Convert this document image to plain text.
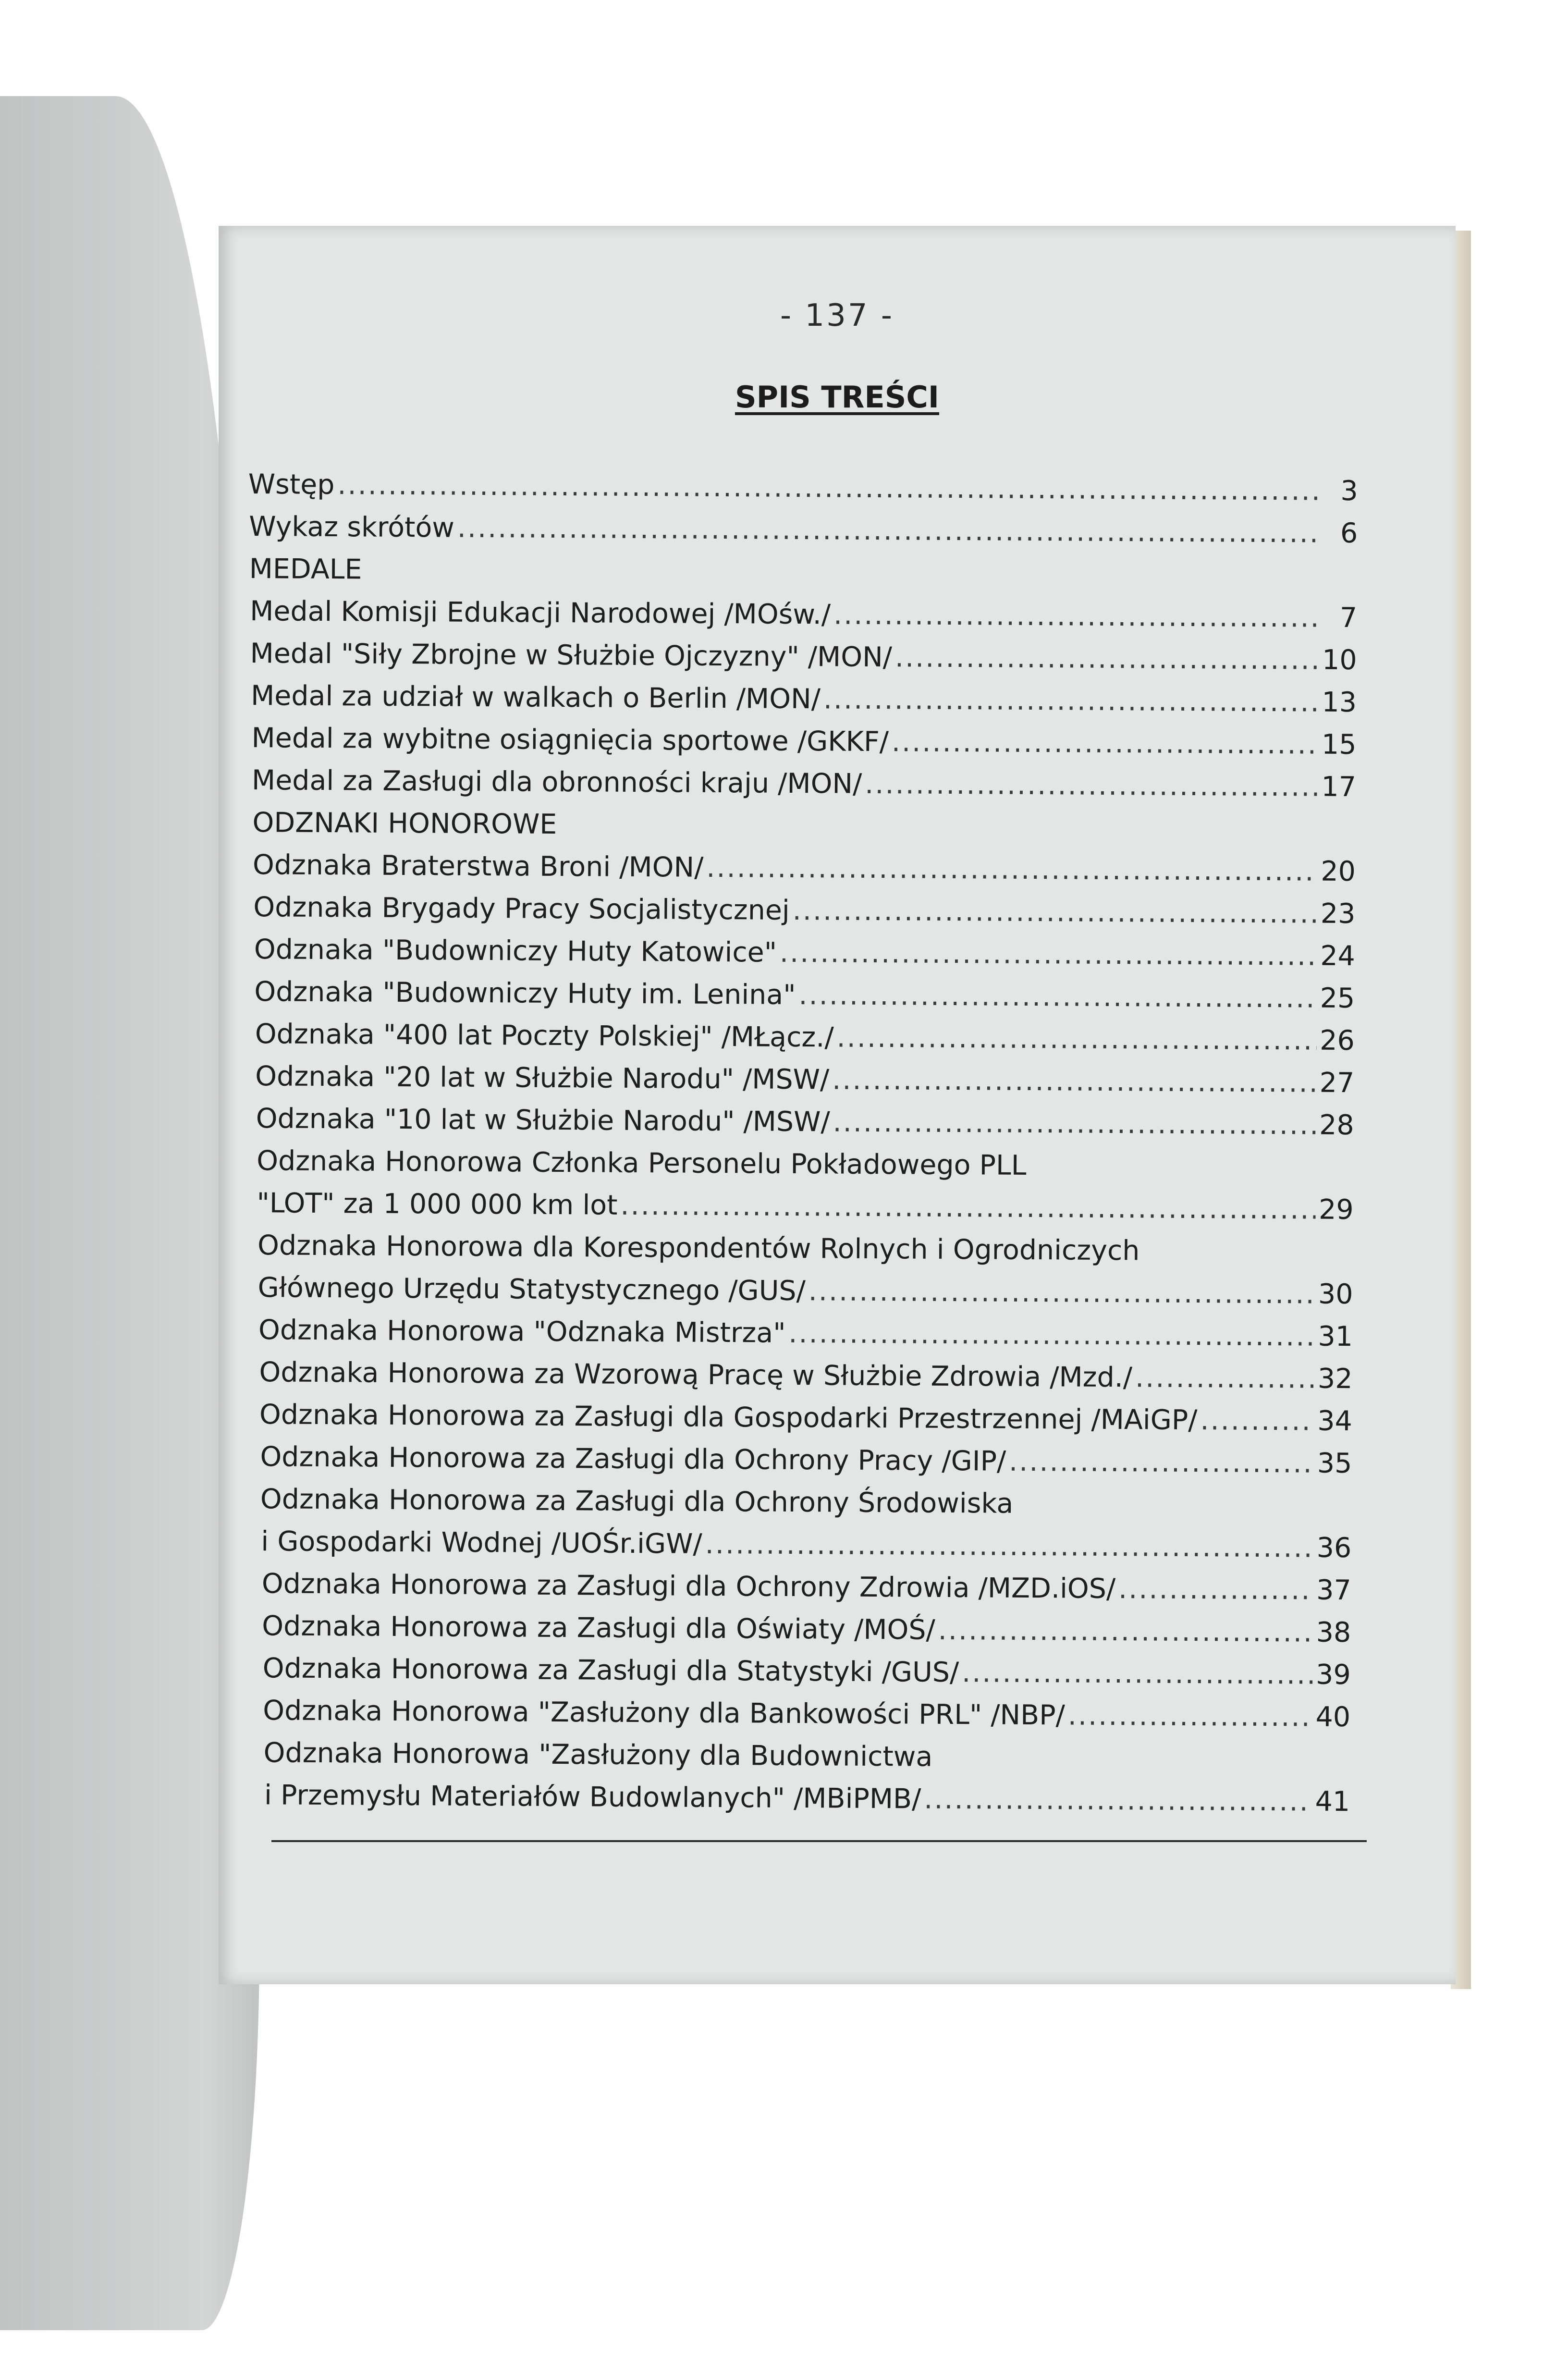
- 137 -
SPIS TREŚCI
Wstęp .....	3
Wykaz skrótów .....	6
MEDALE
Medal Komisji Edukacji Narodowej /MOśw./ .....	7
Medal "Siły Zbrojne w Służbie Ojczyzny" /MON/ .....	10
Medal za udział w walkach o Berlin /MON/ .....	13
Medal za wybitne osiągnięcia sportowe /GKKF/ .....	15
Medal za Zasługi dla obronności kraju /MON/ .....	17
ODZNAKI HONOROWE
Odznaka Braterstwa Broni /MON/ .....	20
Odznaka Brygady Pracy Socjalistycznej .....	23
Odznaka "Budowniczy Huty Katowice" .....	24
Odznaka "Budowniczy Huty im. Lenina" .....	25
Odznaka "400 lat Poczty Polskiej" /MŁącz./ .....	26
Odznaka "20 lat w Służbie Narodu" /MSW/ .....	27
Odznaka "10 lat w Służbie Narodu" /MSW/ .....	28
Odznaka Honorowa Członka Personelu Pokładowego PLL
"LOT" za 1 000 000 km lot .....	29
Odznaka Honorowa dla Korespondentów Rolnych i Ogrodniczych
Głównego Urzędu Statystycznego /GUS/ .....	30
Odznaka Honorowa "Odznaka Mistrza" .....	31
Odznaka Honorowa za Wzorową Pracę w Służbie Zdrowia /Mzd./ .....	32
Odznaka Honorowa za Zasługi dla Gospodarki Przestrzennej /MAiGP/ .....	34
Odznaka Honorowa za Zasługi dla Ochrony Pracy /GIP/ .....	35
Odznaka Honorowa za Zasługi dla Ochrony Środowiska
i Gospodarki Wodnej /UOŚr.iGW/ .....	36
Odznaka Honorowa za Zasługi dla Ochrony Zdrowia /MZD.iOS/ .....	37
Odznaka Honorowa za Zasługi dla Oświaty /MOŚ/ .....	38
Odznaka Honorowa za Zasługi dla Statystyki /GUS/ .....	39
Odznaka Honorowa "Zasłużony dla Bankowości PRL" /NBP/ .....	40
Odznaka Honorowa "Zasłużony dla Budownictwa
i Przemysłu Materiałów Budowlanych" /MBiPMB/ .....	41
